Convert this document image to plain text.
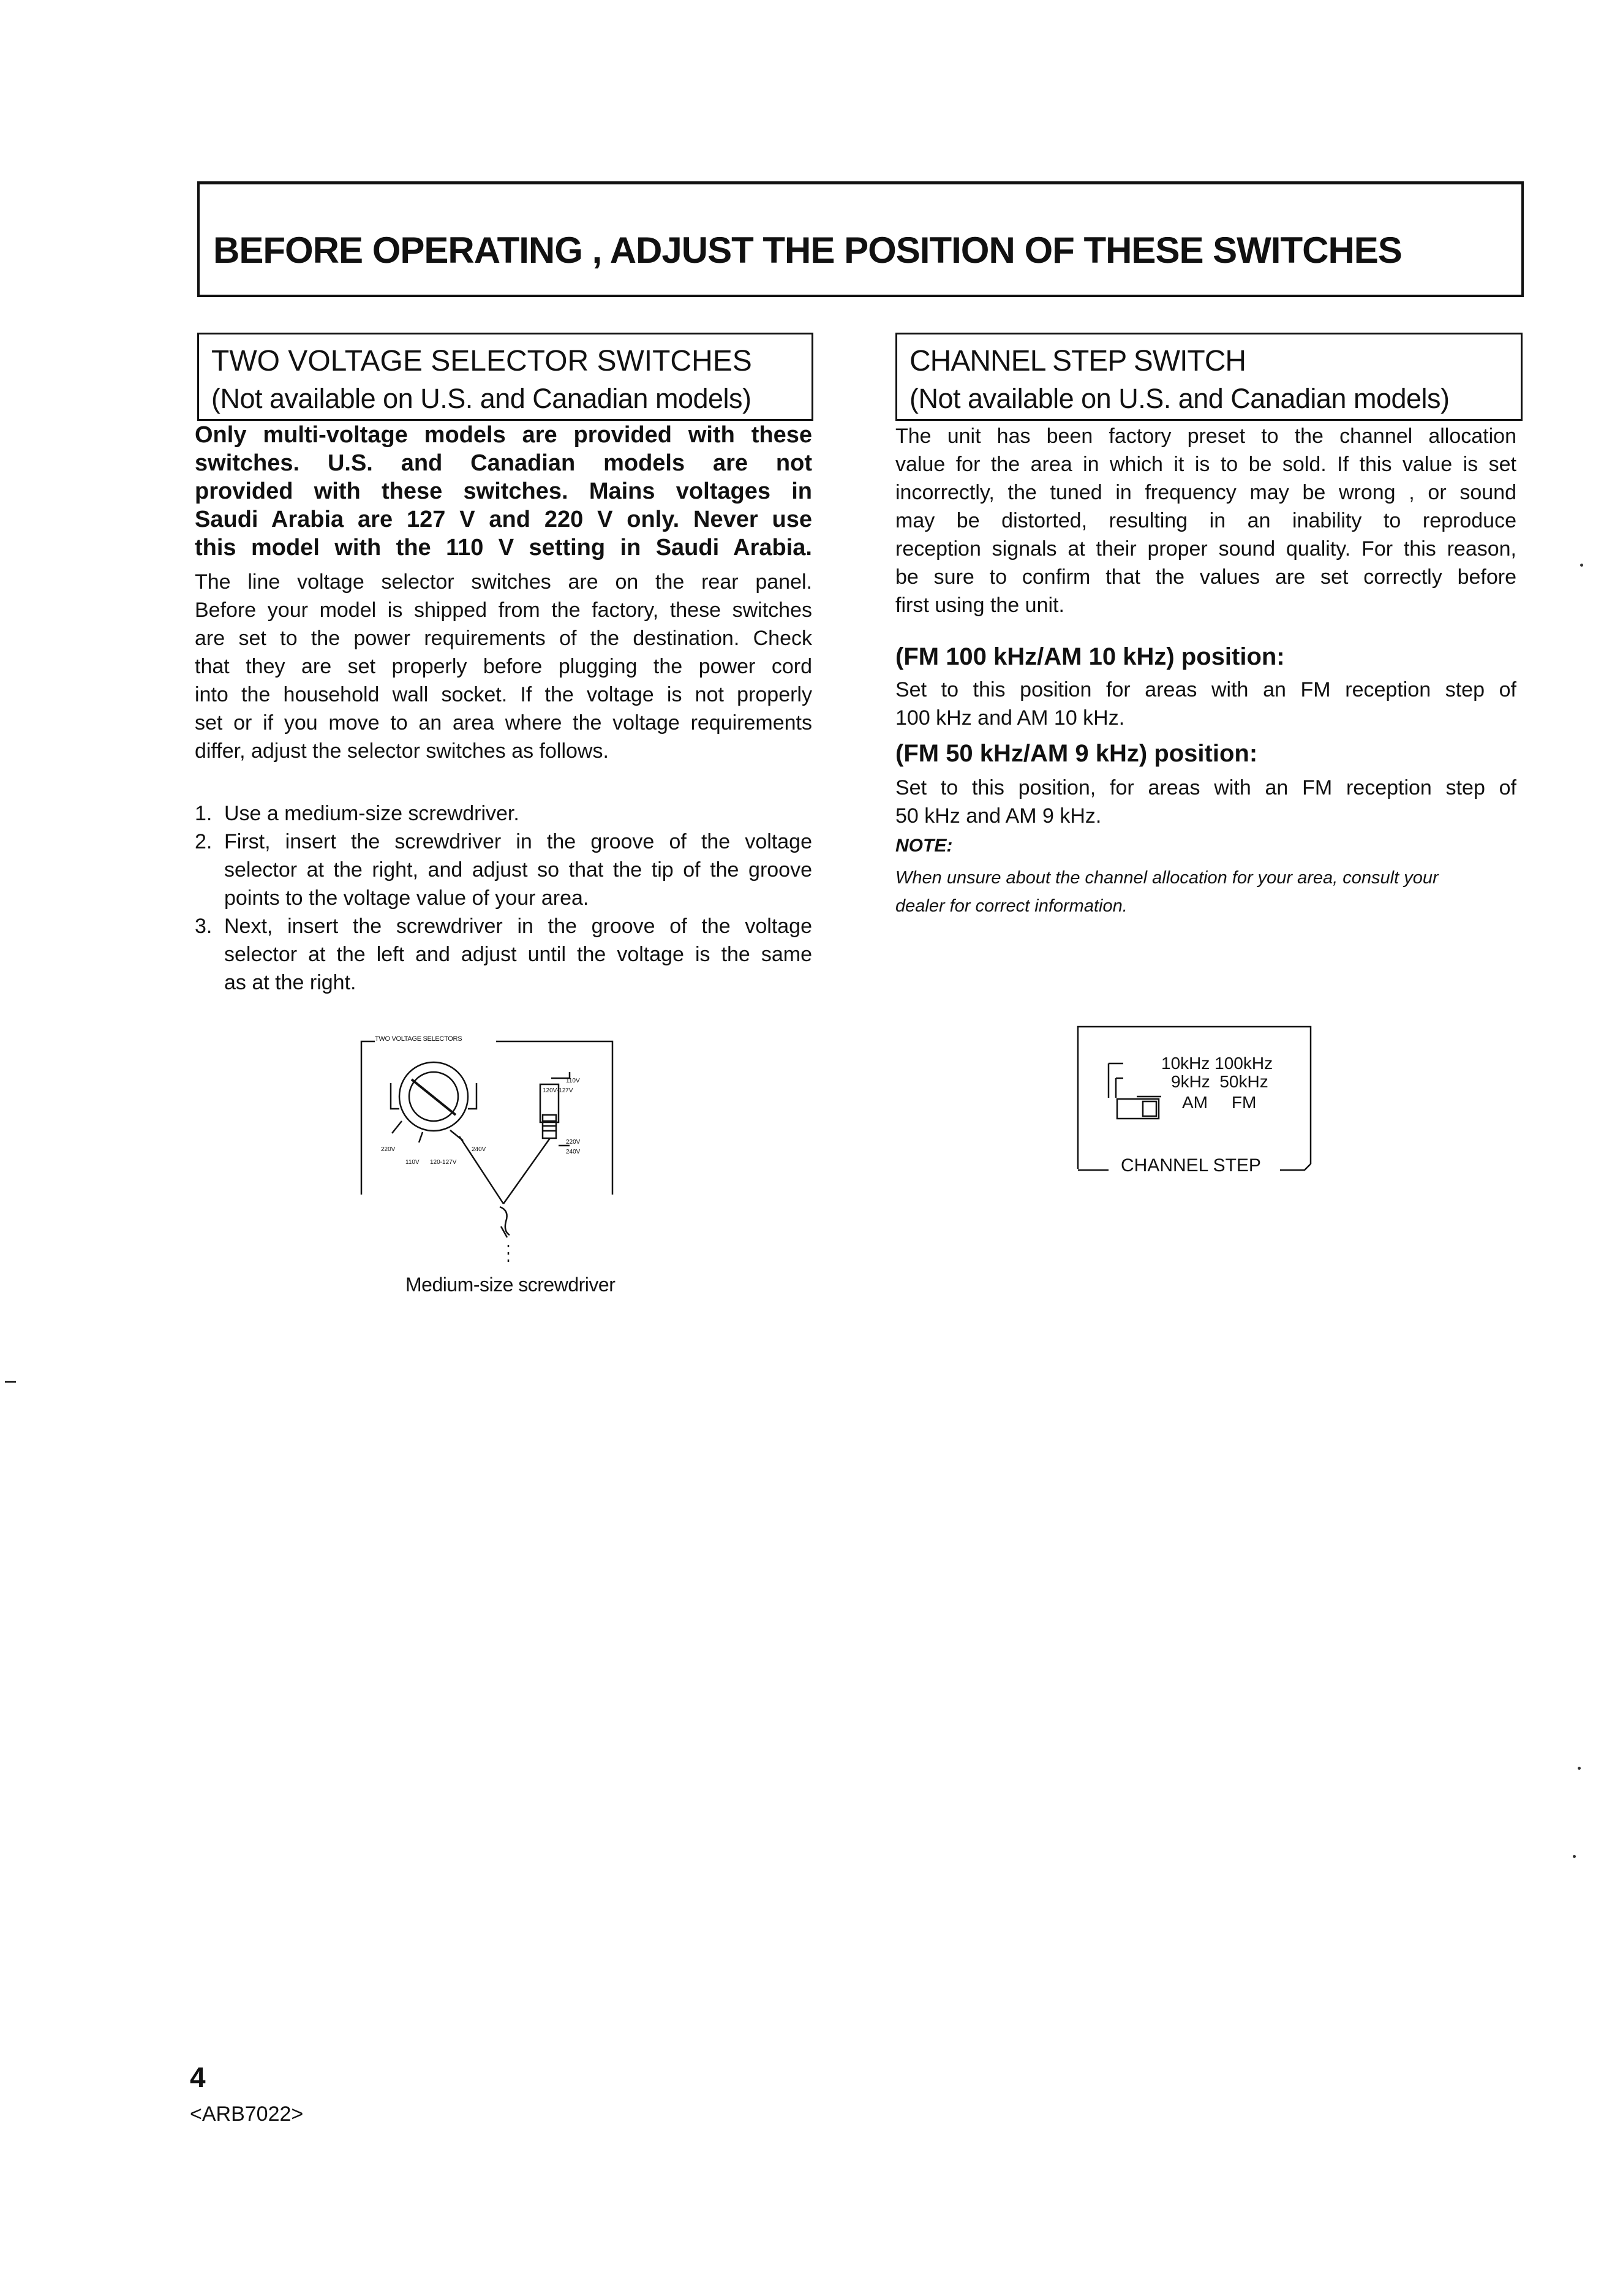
BEFORE OPERATING , ADJUST THE POSITION OF THESE SWITCHES
TWO VOLTAGE SELECTOR SWITCHES
(Not available on U.S. and Canadian models)
Only multi-voltage models are provided with these
switches. U.S. and Canadian models are not
provided with these switches. Mains voltages in
Saudi Arabia are 127 V and 220 V only. Never use
this model with the 110 V setting in Saudi Arabia.
The line voltage selector switches are on the rear panel.
Before your model is shipped from the factory, these switches
are set to the power requirements of the destination. Check
that they are set properly before plugging the power cord
into the household wall socket. If the voltage is not properly
set or if you move to an area where the voltage requirements
differ, adjust the selector switches as follows.
1. Use a medium-size screwdriver.
2. First, insert the screwdriver in the groove of the voltage
selector at the right, and adjust so that the tip of the groove
points to the voltage value of your area.
3. Next, insert the screwdriver in the groove of the voltage
selector at the left and adjust until the voltage is the same
as at the right.
TWO VOLTAGE SELECTORS
220V
110V 120-127V
240V
110V
120V-127V
220V
240V
Medium-size screwdriver
CHANNEL STEP SWITCH
(Not available on U.S. and Canadian models)
The unit has been factory preset to the channel allocation
value for the area in which it is to be sold. If this value is set
incorrectly, the tuned in frequency may be wrong , or sound
may be distorted, resulting in an inability to reproduce
reception signals at their proper sound quality. For this reason,
be sure to confirm that the values are set correctly before
first using the unit.
(FM 100 kHz/AM 10 kHz) position:
Set to this position for areas with an FM reception step of
100 kHz and AM 10 kHz.
(FM 50 kHz/AM 9 kHz) position:
Set to this position, for areas with an FM reception step of
50 kHz and AM 9 kHz.
NOTE:
When unsure about the channel allocation for your area, consult your
dealer for correct information.
10kHz 100kHz
9kHz  50kHz
AM     FM
CHANNEL STEP
4
<ARB7022>
